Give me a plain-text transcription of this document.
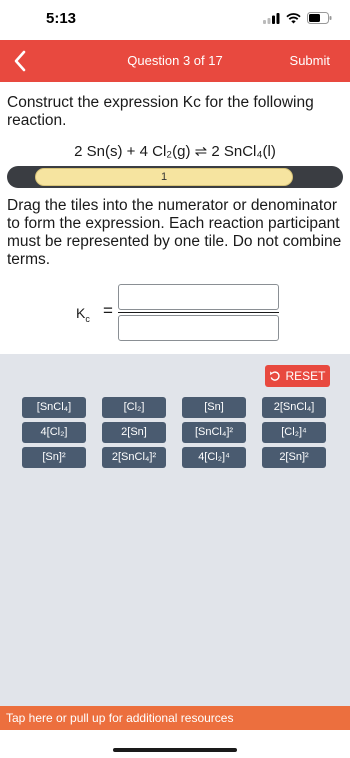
5:13
Question 3 of 17	Submit
Construct the expression Kc for the following reaction.
2 Sn(s) + 4 Cl₂(g) ⇌ 2 SnCl₄(l)
1
Drag the tiles into the numerator or denominator to form the expression. Each reaction participant must be represented by one tile. Do not combine terms.
$K_c$ =
RESET
[SnCl₄]	[Cl₂]	[Sn]	2[SnCl₄]
4[Cl₂]	2[Sn]	[SnCl₄]²	[Cl₂]⁴
[Sn]²	2[SnCl₄]²	4[Cl₂]⁴	2[Sn]²
Tap here or pull up for additional resources
